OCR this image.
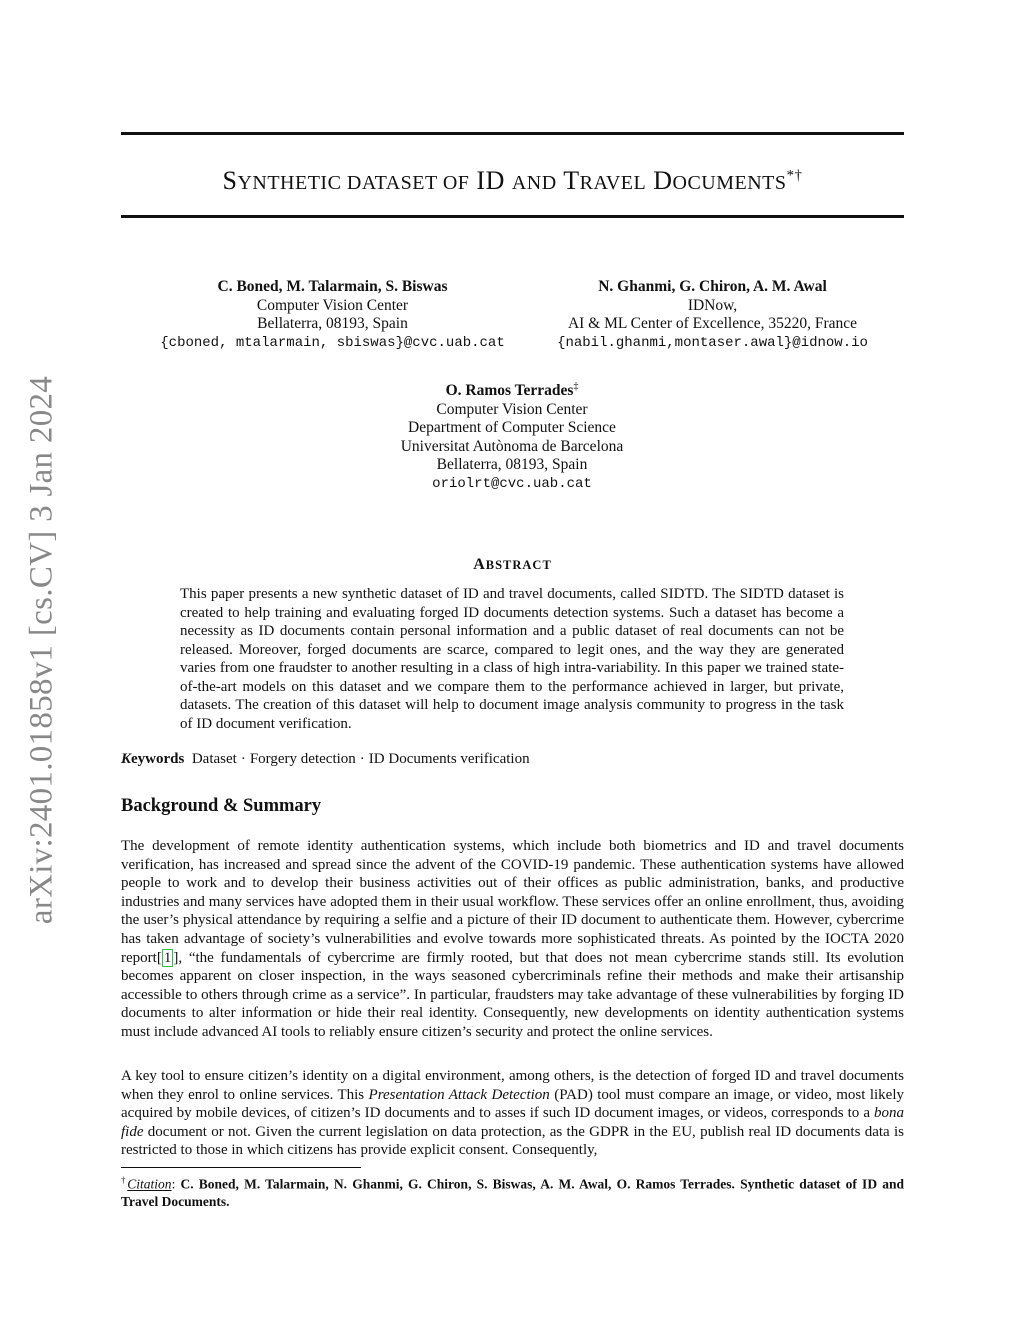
arXiv:2401.01858v1 [cs.CV] 3 Jan 2024
SYNTHETIC DATASET OF ID AND TRAVEL DOCUMENTS*†
C. Boned, M. Talarmain, S. Biswas
Computer Vision Center
Bellaterra, 08193, Spain
{cboned, mtalarmain, sbiswas}@cvc.uab.cat
N. Ghanmi, G. Chiron, A. M. Awal
IDNow,
AI & ML Center of Excellence, 35220, France
{nabil.ghanmi,montaser.awal}@idnow.io
O. Ramos Terrades‡
Computer Vision Center
Department of Computer Science
Universitat Autònoma de Barcelona
Bellaterra, 08193, Spain
oriolrt@cvc.uab.cat
ABSTRACT
This paper presents a new synthetic dataset of ID and travel documents, called SIDTD. The SIDTD dataset is created to help training and evaluating forged ID documents detection systems. Such a dataset has become a necessity as ID documents contain personal information and a public dataset of real documents can not be released. Moreover, forged documents are scarce, compared to legit ones, and the way they are generated varies from one fraudster to another resulting in a class of high intra-variability. In this paper we trained state-of-the-art models on this dataset and we compare them to the performance achieved in larger, but private, datasets. The creation of this dataset will help to document image analysis community to progress in the task of ID document verification.
Keywords Dataset · Forgery detection · ID Documents verification
Background & Summary
The development of remote identity authentication systems, which include both biometrics and ID and travel documents verification, has increased and spread since the advent of the COVID-19 pandemic. These authentication systems have allowed people to work and to develop their business activities out of their offices as public administration, banks, and productive industries and many services have adopted them in their usual workflow. These services offer an online enrollment, thus, avoiding the user’s physical attendance by requiring a selfie and a picture of their ID document to authenticate them. However, cybercrime has taken advantage of society’s vulnerabilities and evolve towards more sophisticated threats. As pointed by the IOCTA 2020 report[ 1 ], “the fundamentals of cybercrime are firmly rooted, but that does not mean cybercrime stands still. Its evolution becomes apparent on closer inspection, in the ways seasoned cybercriminals refine their methods and make their artisanship accessible to others through crime as a service”. In particular, fraudsters may take advantage of these vulnerabilities by forging ID documents to alter information or hide their real identity. Consequently, new developments on identity authentication systems must include advanced AI tools to reliably ensure citizen’s security and protect the online services.
A key tool to ensure citizen’s identity on a digital environment, among others, is the detection of forged ID and travel documents when they enrol to online services. This Presentation Attack Detection (PAD) tool must compare an image, or video, most likely acquired by mobile devices, of citizen’s ID documents and to asses if such ID document images, or videos, corresponds to a bona fide document or not. Given the current legislation on data protection, as the GDPR in the EU, publish real ID documents data is restricted to those in which citizens has provide explicit consent. Consequently,
†Citation: C. Boned, M. Talarmain, N. Ghanmi, G. Chiron, S. Biswas, A. M. Awal, O. Ramos Terrades. Synthetic dataset of ID and Travel Documents.
